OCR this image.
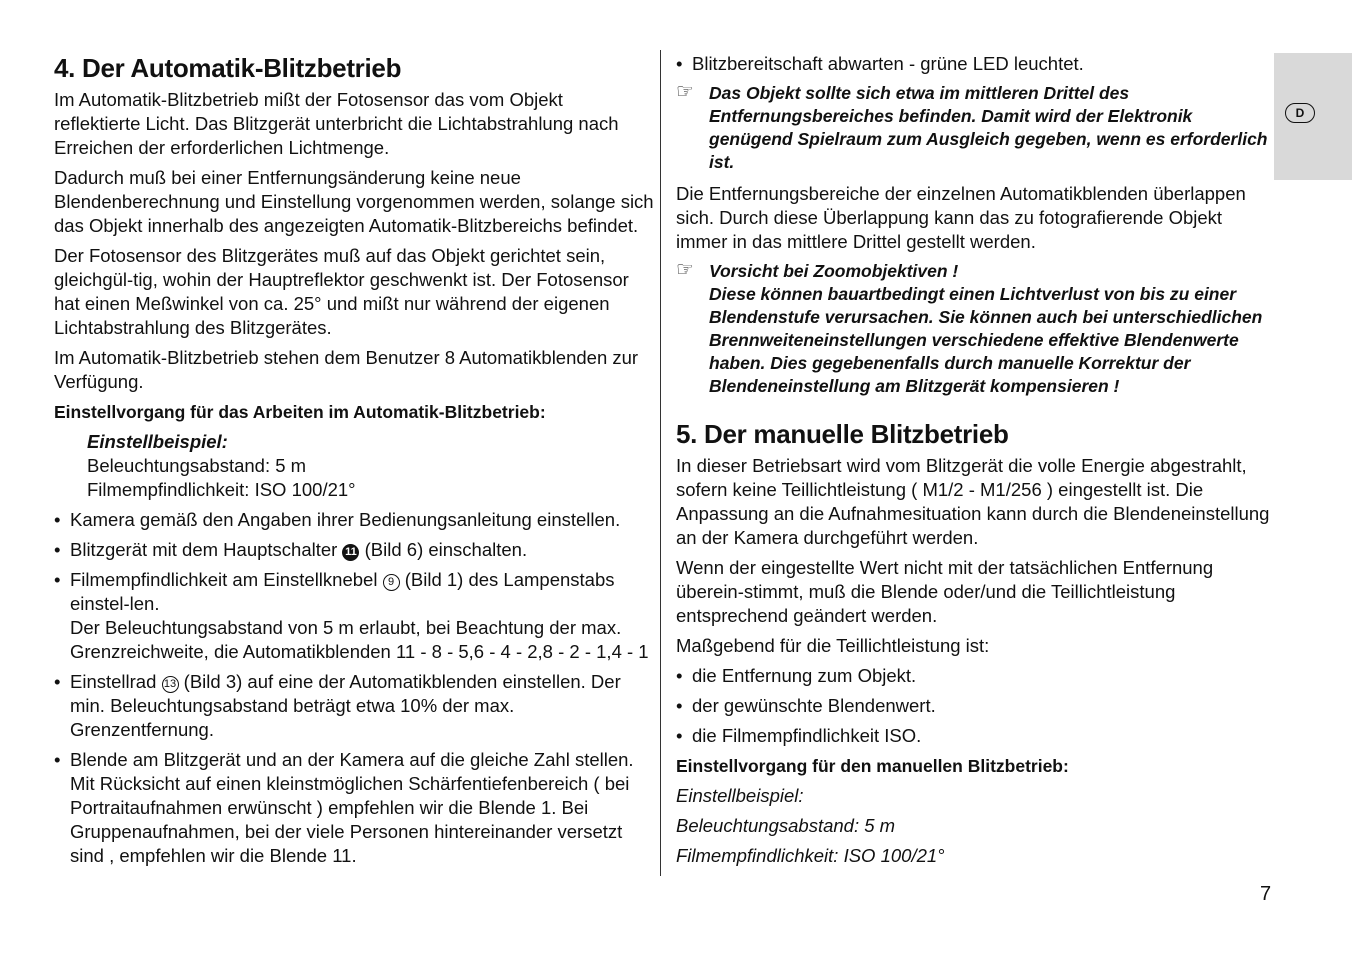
D
4. Der Automatik-Blitzbetrieb

Im Automatik-Blitzbetrieb mißt der Fotosensor das vom Objekt reflektierte Licht. Das Blitzgerät unterbricht die Lichtabstrahlung nach Erreichen der erforderlichen Lichtmenge.

Dadurch muß bei einer Entfernungsänderung keine neue Blendenberechnung und Einstellung vorgenommen werden, solange sich das Objekt innerhalb des angezeigten Automatik-Blitzbereichs befindet.

Der Fotosensor des Blitzgerätes muß auf das Objekt gerichtet sein, gleichgül-tig, wohin der Hauptreflektor geschwenkt ist. Der Fotosensor hat einen Meßwinkel von ca. 25° und mißt nur während der eigenen Lichtabstrahlung des Blitzgerätes.

Im Automatik-Blitzbetrieb stehen dem Benutzer 8 Automatikblenden zur Verfügung.

Einstellvorgang für das Arbeiten im Automatik-Blitzbetrieb:
Einstellbeispiel:
Beleuchtungsabstand: 5 m
Filmempfindlichkeit: ISO 100/21°
• Kamera gemäß den Angaben ihrer Bedienungsanleitung einstellen.
• Blitzgerät mit dem Hauptschalter 11 (Bild 6) einschalten.
• Filmempfindlichkeit am Einstellknebel 9 (Bild 1) des Lampenstabs einstel-len.
Der Beleuchtungsabstand von 5 m erlaubt, bei Beachtung der max. Grenzreichweite, die Automatikblenden 11 - 8 - 5,6 - 4 - 2,8 - 2 - 1,4 - 1
• Einstellrad 13 (Bild 3) auf eine der Automatikblenden einstellen. Der min. Beleuchtungsabstand beträgt etwa 10% der max. Grenzentfernung.
• Blende am Blitzgerät und an der Kamera auf die gleiche Zahl stellen. Mit Rücksicht auf einen kleinstmöglichen Schärfentiefenbereich ( bei Portraitaufnahmen erwünscht ) empfehlen wir die Blende 1. Bei Gruppenaufnahmen, bei der viele Personen hintereinander versetzt sind , empfehlen wir die Blende 11.
• Blitzbereitschaft abwarten - grüne LED leuchtet.
☞ Das Objekt sollte sich etwa im mittleren Drittel des Entfernungsbereiches befinden. Damit wird der Elektronik genügend Spielraum zum Ausgleich gegeben, wenn es erforderlich ist.

Die Entfernungsbereiche der einzelnen Automatikblenden überlappen sich. Durch diese Überlappung kann das zu fotografierende Objekt immer in das mittlere Drittel gestellt werden.

☞ Vorsicht bei Zoomobjektiven !
Diese können bauartbedingt einen Lichtverlust von bis zu einer Blendenstufe verursachen. Sie können auch bei unterschiedlichen Brennweiteneinstellungen verschiedene effektive Blendenwerte haben. Dies gegebenenfalls durch manuelle Korrektur der Blendeneinstellung am Blitzgerät kompensieren !
5. Der manuelle Blitzbetrieb

In dieser Betriebsart wird vom Blitzgerät die volle Energie abgestrahlt, sofern keine Teillichtleistung ( M1/2 - M1/256 ) eingestellt ist. Die Anpassung an die Aufnahmesituation kann durch die Blendeneinstellung an der Kamera durchgeführt werden.

Wenn der eingestellte Wert nicht mit der tatsächlichen Entfernung überein-stimmt, muß die Blende oder/und die Teillichtleistung entsprechend geändert werden.

Maßgebend für die Teillichtleistung ist:

• die Entfernung zum Objekt.
• der gewünschte Blendenwert.
• die Filmempfindlichkeit ISO.
Einstellvorgang für den manuellen Blitzbetrieb:

Einstellbeispiel:

Beleuchtungsabstand: 5 m

Filmempfindlichkeit: ISO 100/21°

7
